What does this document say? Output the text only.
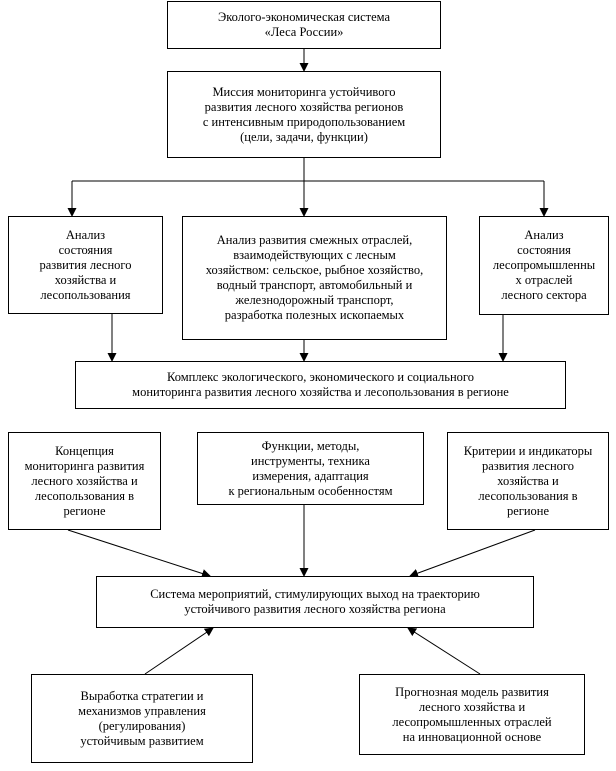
Эколого-экономическая система
«Леса России»
Миссия мониторинга устойчивого
развития лесного хозяйства регионов
с интенсивным природопользованием
(цели, задачи, функции)
Анализ
состояния
развития лесного
хозяйства и
лесопользования
Анализ развития смежных отраслей,
взаимодействующих с лесным
хозяйством: сельское, рыбное хозяйство,
водный транспорт, автомобильный и
железнодорожный транспорт,
разработка полезных ископаемых
Анализ
состояния
лесопромышленны
х отраслей
лесного сектора
Комплекс экологического, экономического и социального
мониторинга развития лесного хозяйства и лесопользования в регионе
Концепция
мониторинга развития
лесного хозяйства и
лесопользования в
регионе
Функции, методы,
инструменты, техника
измерения, адаптация
к региональным особенностям
Критерии и индикаторы
развития лесного
хозяйства и
лесопользования в
регионе
Система мероприятий, стимулирующих выход на траекторию
устойчивого развития лесного хозяйства региона
Выработка стратегии и
механизмов управления
(регулирования)
устойчивым развитием
Прогнозная модель развития
лесного хозяйства и
лесопромышленных отраслей
на инновационной основе
